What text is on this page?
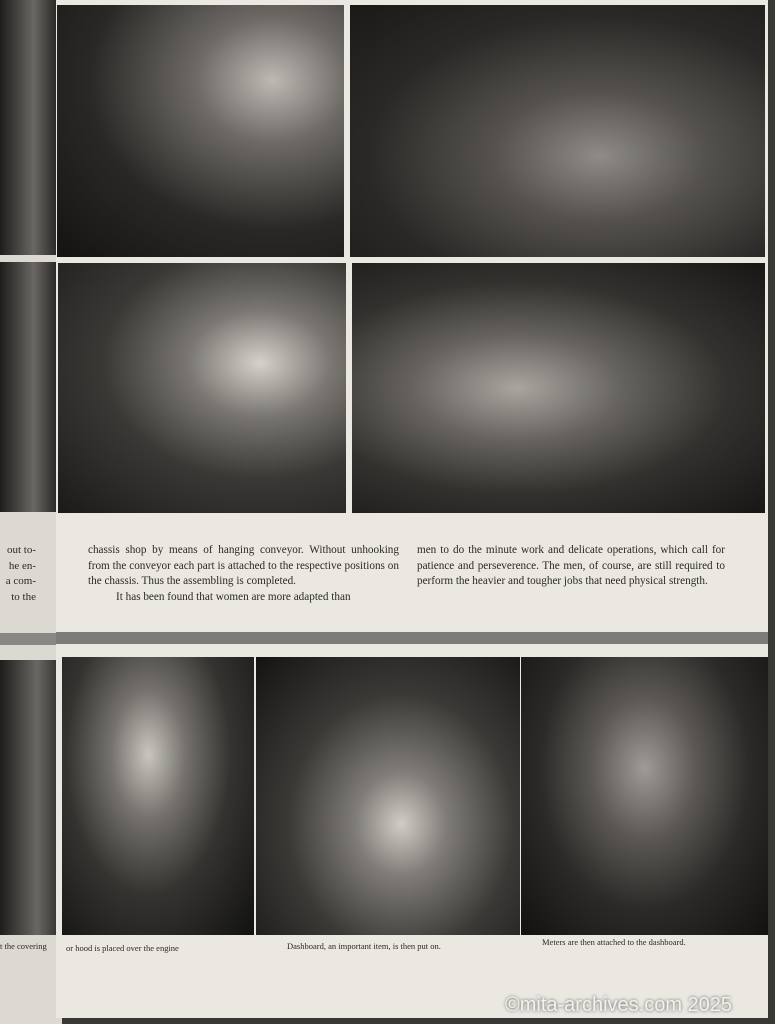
out to-
he en-
a com-
to the
t the covering
chassis shop by means of hanging conveyor. Without unhooking from the conveyor each part is attached to the respective positions on the chassis. Thus the assembling is completed.
It has been found that women are more adapted than
men to do the minute work and delicate operations, which call for patience and perseverence. The men, of course, are still required to perform the heavier and tougher jobs that need physical strength.
or hood is placed over the engine	Dashboard, an important item, is then put on.	Meters are then attached to the dashboard.
©mita-archives.com 2025
